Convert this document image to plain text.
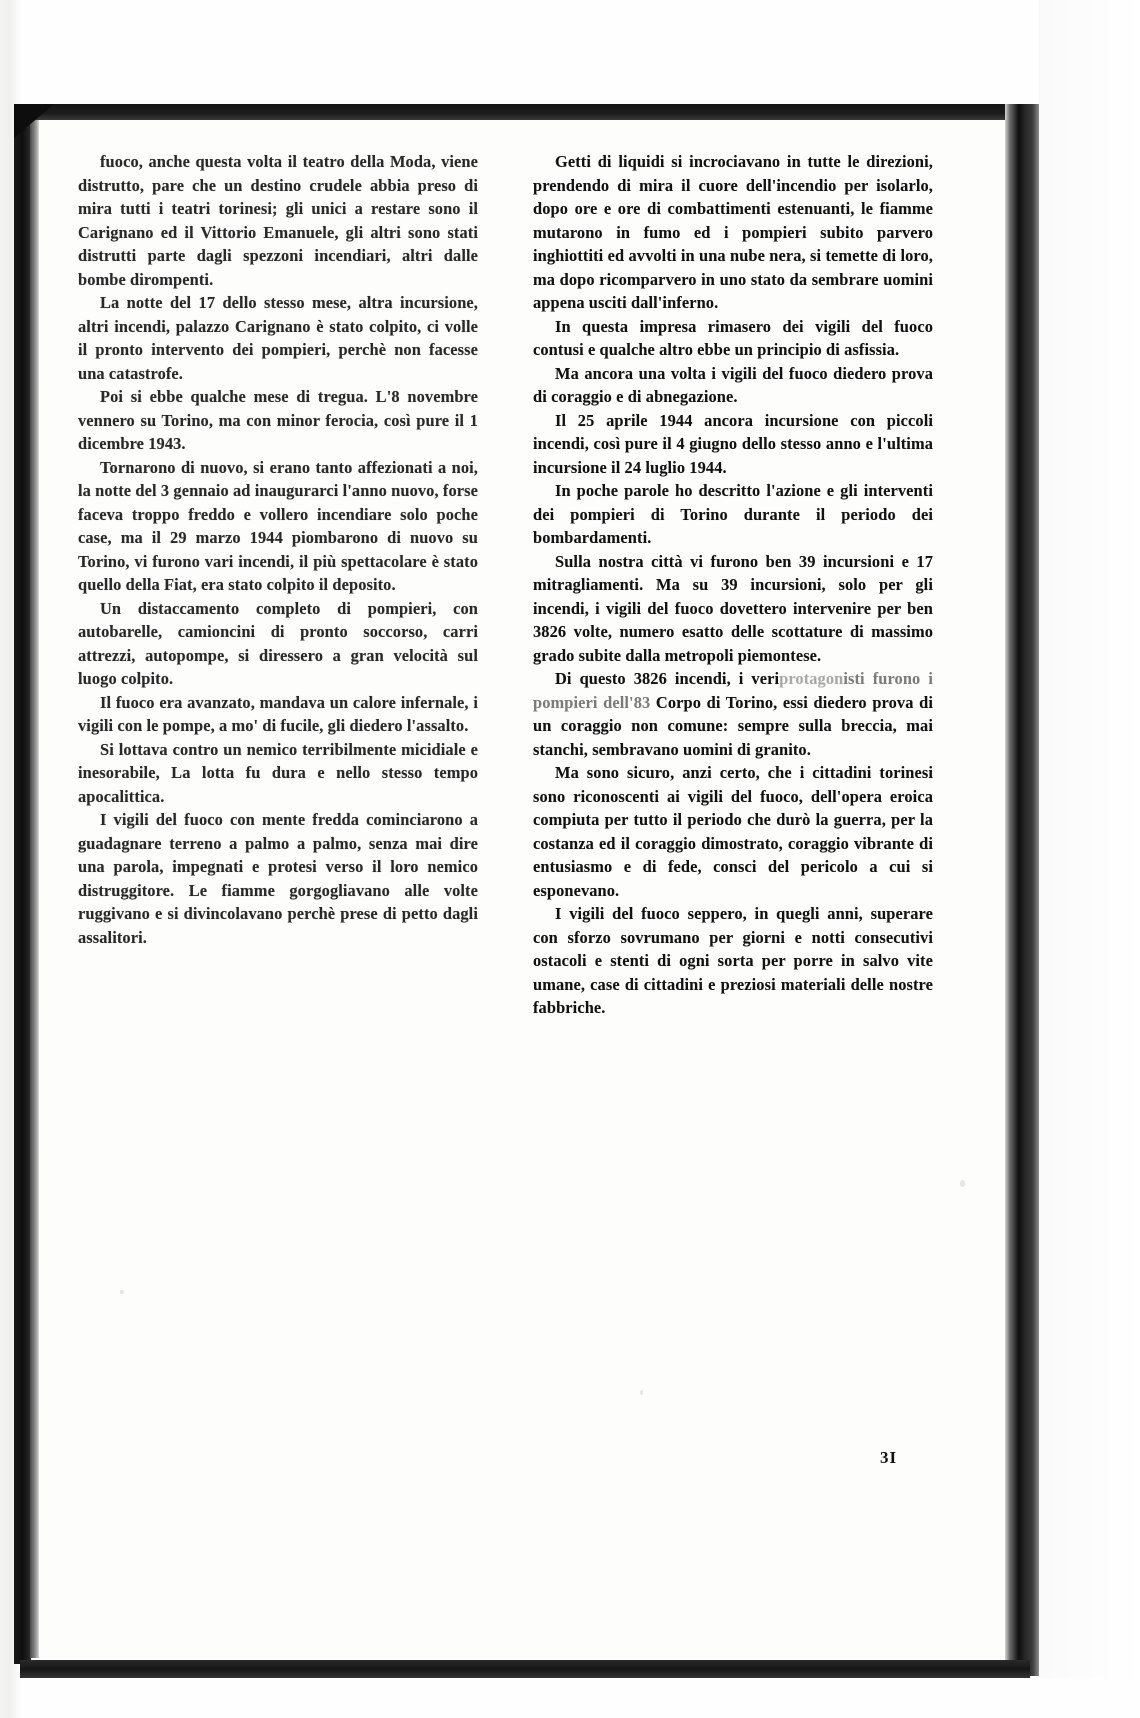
fuoco, anche questa volta il teatro della Moda, viene distrutto, pare che un destino crudele abbia preso di mira tutti i teatri torinesi; gli unici a restare sono il Carignano ed il Vittorio Emanuele, gli altri sono stati distrutti parte dagli spezzoni incendiari, altri dalle bombe dirompenti.

La notte del 17 dello stesso mese, altra incursione, altri incendi, palazzo Carignano è stato colpito, ci volle il pronto intervento dei pompieri, perchè non facesse una catastrofe.

Poi si ebbe qualche mese di tregua. L'8 novembre vennero su Torino, ma con minor ferocia, così pure il 1 dicembre 1943.

Tornarono di nuovo, si erano tanto affezionati a noi, la notte del 3 gennaio ad inaugurarci l'anno nuovo, forse faceva troppo freddo e vollero incendiare solo poche case, ma il 29 marzo 1944 piombarono di nuovo su Torino, vi furono vari incendi, il più spettacolare è stato quello della Fiat, era stato colpito il deposito.

Un distaccamento completo di pompieri, con autobarelle, camioncini di pronto soccorso, carri attrezzi, autopompe, si diressero a gran velocità sul luogo colpito.

Il fuoco era avanzato, mandava un calore infernale, i vigili con le pompe, a mo' di fucile, gli diedero l'assalto.

Si lottava contro un nemico terribilmente micidiale e inesorabile, La lotta fu dura e nello stesso tempo apocalittica.

I vigili del fuoco con mente fredda cominciarono a guadagnare terreno a palmo a palmo, senza mai dire una parola, impegnati e protesi verso il loro nemico distruggitore. Le fiamme gorgogliavano alle volte ruggivano e si divincolavano perchè prese di petto dagli assalitori.

Getti di liquidi si incrociavano in tutte le direzioni, prendendo di mira il cuore dell'incendio per isolarlo, dopo ore e ore di combattimenti estenuanti, le fiamme mutarono in fumo ed i pompieri subito parvero inghiottiti ed avvolti in una nube nera, si temette di loro, ma dopo ricomparvero in uno stato da sembrare uomini appena usciti dall'inferno.

In questa impresa rimasero dei vigili del fuoco contusi e qualche altro ebbe un principio di asfissia.

Ma ancora una volta i vigili del fuoco diedero prova di coraggio e di abnegazione.

Il 25 aprile 1944 ancora incursione con piccoli incendi, così pure il 4 giugno dello stesso anno e l'ultima incursione il 24 luglio 1944.

In poche parole ho descritto l'azione e gli interventi dei pompieri di Torino durante il periodo dei bombardamenti.

Sulla nostra città vi furono ben 39 incursioni e 17 mitragliamenti. Ma su 39 incursioni, solo per gli incendi, i vigili del fuoco dovettero intervenire per ben 3826 volte, numero esatto delle scottature di massimo grado subite dalla metropoli piemontese.

Di questo 3826 incendi, i veriprotagonisti furono i pompieri dell'83 Corpo di Torino, essi diedero prova di un coraggio non comune: sempre sulla breccia, mai stanchi, sembravano uomini di granito.

Ma sono sicuro, anzi certo, che i cittadini torinesi sono riconoscenti ai vigili del fuoco, dell'opera eroica compiuta per tutto il periodo che durò la guerra, per la costanza ed il coraggio dimostrato, coraggio vibrante di entusiasmo e di fede, consci del pericolo a cui si esponevano.

I vigili del fuoco seppero, in quegli anni, superare con sforzo sovrumano per giorni e notti consecutivi ostacoli e stenti di ogni sorta per porre in salvo vite umane, case di cittadini e preziosi materiali delle nostre fabbriche.

3I
